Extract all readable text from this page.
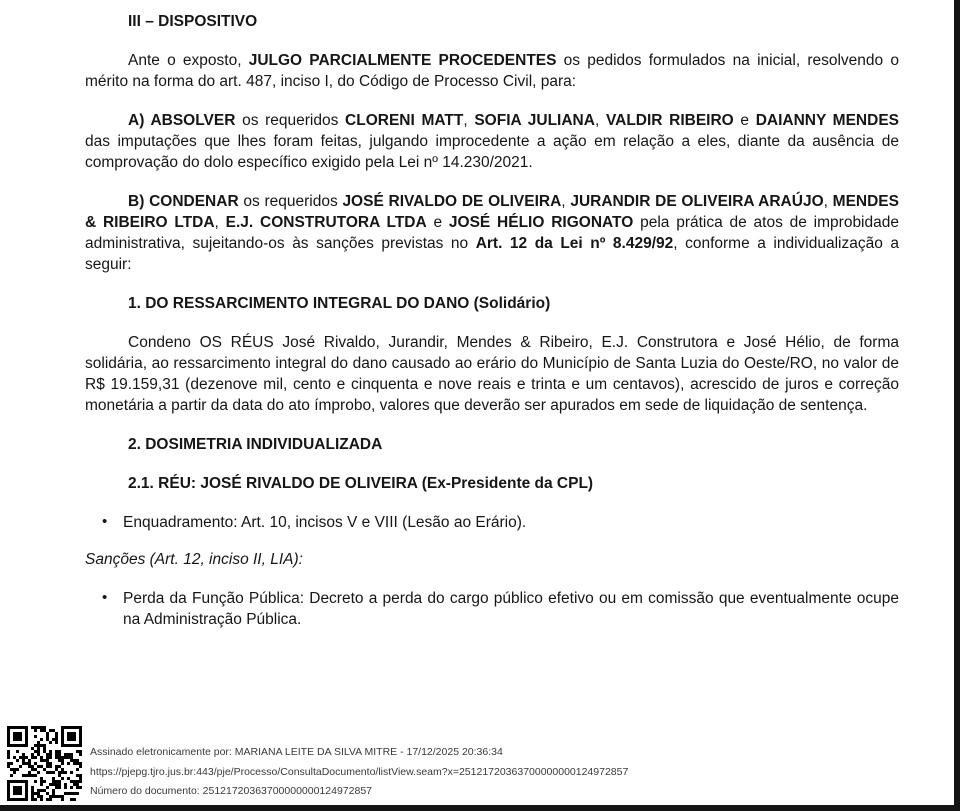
III – DISPOSITIVO

Ante o exposto, JULGO PARCIALMENTE PROCEDENTES os pedidos formulados na inicial, resolvendo o mérito na forma do art. 487, inciso I, do Código de Processo Civil, para:

A) ABSOLVER os requeridos CLORENI MATT, SOFIA JULIANA, VALDIR RIBEIRO e DAIANNY MENDES das imputações que lhes foram feitas, julgando improcedente a ação em relação a eles, diante da ausência de comprovação do dolo específico exigido pela Lei nº 14.230/2021.

B) CONDENAR os requeridos JOSÉ RIVALDO DE OLIVEIRA, JURANDIR DE OLIVEIRA ARAÚJO, MENDES & RIBEIRO LTDA, E.J. CONSTRUTORA LTDA e JOSÉ HÉLIO RIGONATO pela prática de atos de improbidade administrativa, sujeitando-os às sanções previstas no Art. 12 da Lei nº 8.429/92, conforme a individualização a seguir:

1. DO RESSARCIMENTO INTEGRAL DO DANO (Solidário)

Condeno OS RÉUS José Rivaldo, Jurandir, Mendes & Ribeiro, E.J. Construtora e José Hélio, de forma solidária, ao ressarcimento integral do dano causado ao erário do Município de Santa Luzia do Oeste/RO, no valor de R$ 19.159,31 (dezenove mil, cento e cinquenta e nove reais e trinta e um centavos), acrescido de juros e correção monetária a partir da data do ato ímprobo, valores que deverão ser apurados em sede de liquidação de sentença.

2. DOSIMETRIA INDIVIDUALIZADA

2.1. RÉU: JOSÉ RIVALDO DE OLIVEIRA (Ex-Presidente da CPL)

• Enquadramento: Art. 10, incisos V e VIII (Lesão ao Erário).

Sanções (Art. 12, inciso II, LIA):

• Perda da Função Pública: Decreto a perda do cargo público efetivo ou em comissão que eventualmente ocupe na Administração Pública.
Assinado eletronicamente por: MARIANA LEITE DA SILVA MITRE - 17/12/2025 20:36:34
https://pjepg.tjro.jus.br:443/pje/Processo/ConsultaDocumento/listView.seam?x=25121720363700000000124972857
Número do documento: 25121720363700000000124972857
